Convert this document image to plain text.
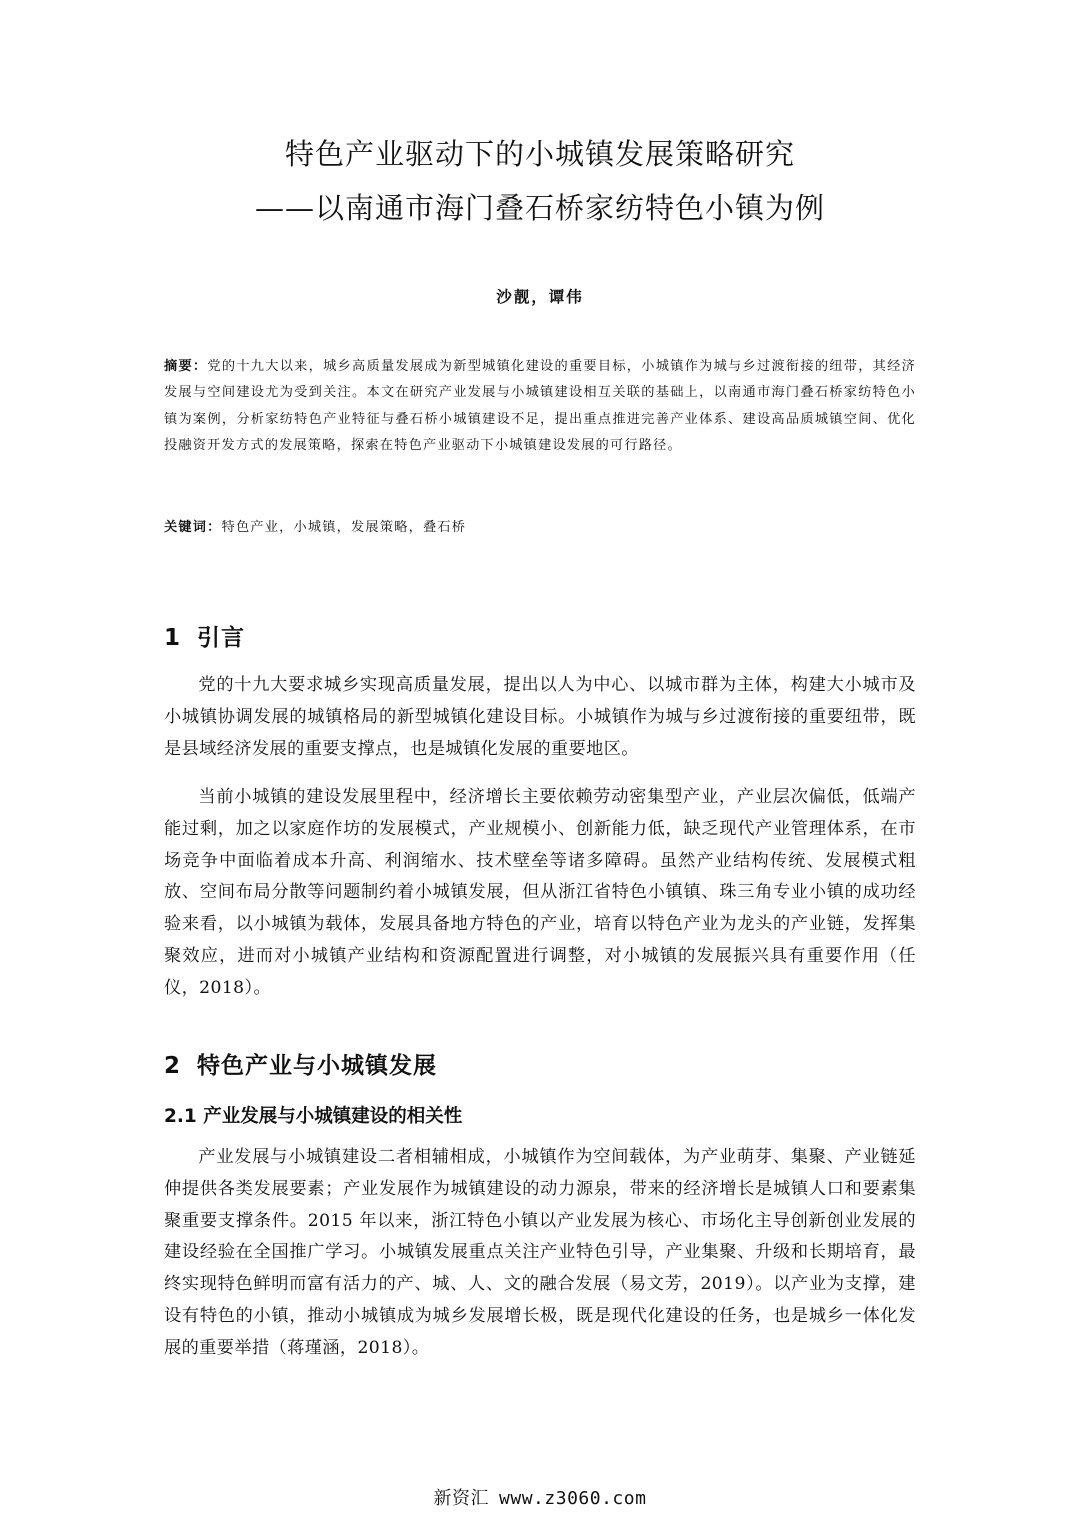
特色产业驱动下的小城镇发展策略研究
——以南通市海门叠石桥家纺特色小镇为例
沙靓，谭伟
摘要：党的十九大以来，城乡高质量发展成为新型城镇化建设的重要目标，小城镇作为城与乡过渡衔接的纽带，其经济发展与空间建设尤为受到关注。本文在研究产业发展与小城镇建设相互关联的基础上，以南通市海门叠石桥家纺特色小镇为案例，分析家纺特色产业特征与叠石桥小城镇建设不足，提出重点推进完善产业体系、建设高品质城镇空间、优化投融资开发方式的发展策略，探索在特色产业驱动下小城镇建设发展的可行路径。
关键词：特色产业，小城镇，发展策略，叠石桥
1 引言

党的十九大要求城乡实现高质量发展，提出以人为中心、以城市群为主体，构建大小城市及小城镇协调发展的城镇格局的新型城镇化建设目标。小城镇作为城与乡过渡衔接的重要纽带，既是县域经济发展的重要支撑点，也是城镇化发展的重要地区。

当前小城镇的建设发展里程中，经济增长主要依赖劳动密集型产业，产业层次偏低，低端产能过剩，加之以家庭作坊的发展模式，产业规模小、创新能力低，缺乏现代产业管理体系，在市场竞争中面临着成本升高、利润缩水、技术壁垒等诸多障碍。虽然产业结构传统、发展模式粗放、空间布局分散等问题制约着小城镇发展，但从浙江省特色小镇镇、珠三角专业小镇的成功经验来看，以小城镇为载体，发展具备地方特色的产业，培育以特色产业为龙头的产业链，发挥集聚效应，进而对小城镇产业结构和资源配置进行调整，对小城镇的发展振兴具有重要作用（任仪，2018）。

2 特色产业与小城镇发展
2.1 产业发展与小城镇建设的相关性

产业发展与小城镇建设二者相辅相成，小城镇作为空间载体，为产业萌芽、集聚、产业链延伸提供各类发展要素；产业发展作为城镇建设的动力源泉，带来的经济增长是城镇人口和要素集聚重要支撑条件。2015 年以来，浙江特色小镇以产业发展为核心、市场化主导创新创业发展的建设经验在全国推广学习。小城镇发展重点关注产业特色引导，产业集聚、升级和长期培育，最终实现特色鲜明而富有活力的产、城、人、文的融合发展（易文芳，2019）。以产业为支撑，建设有特色的小镇，推动小城镇成为城乡发展增长极，既是现代化建设的任务，也是城乡一体化发展的重要举措（蒋瑾涵，2018）。

新资汇 www.z3060.com
